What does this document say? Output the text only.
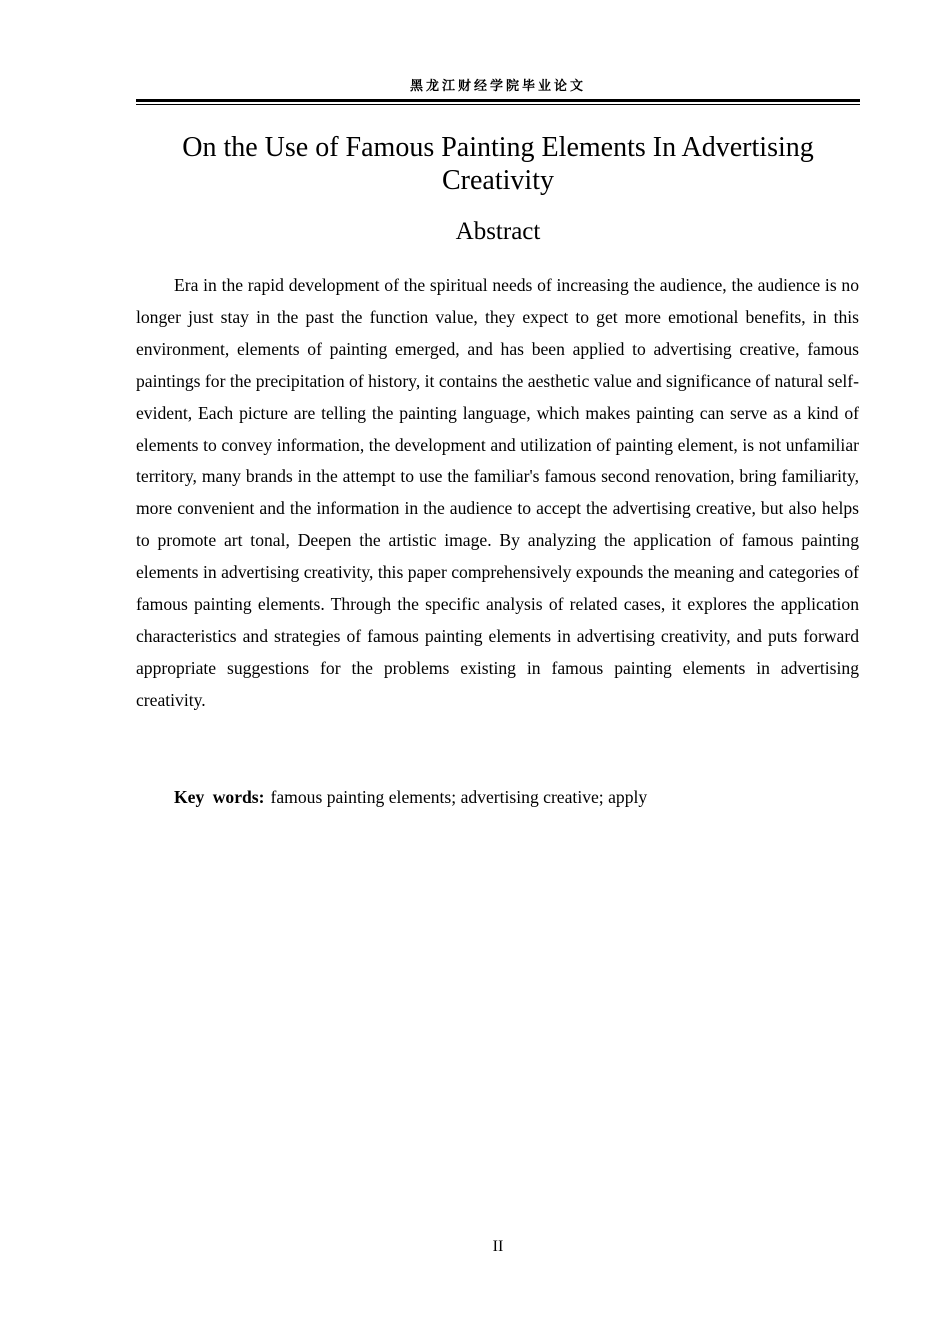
黑龙江财经学院毕业论文
On the Use of Famous Painting Elements In Advertising Creativity
Abstract

Era in the rapid development of the spiritual needs of increasing the audience, the audience is no longer just stay in the past the function value, they expect to get more emotional benefits, in this environment, elements of painting emerged, and has been applied to advertising creative, famous paintings for the precipitation of history, it contains the aesthetic value and significance of natural self-evident, Each picture are telling the painting language, which makes painting can serve as a kind of elements to convey information, the development and utilization of painting element, is not unfamiliar territory, many brands in the attempt to use the familiar's famous second renovation, bring familiarity, more convenient and the information in the audience to accept the advertising creative, but also helps to promote art tonal, Deepen the artistic image. By analyzing the application of famous painting elements in advertising creativity, this paper comprehensively expounds the meaning and categories of famous painting elements. Through the specific analysis of related cases, it explores the application characteristics and strategies of famous painting elements in advertising creativity, and puts forward appropriate suggestions for the problems existing in famous painting elements in advertising creativity.

Key words: famous painting elements; advertising creative; apply

II
